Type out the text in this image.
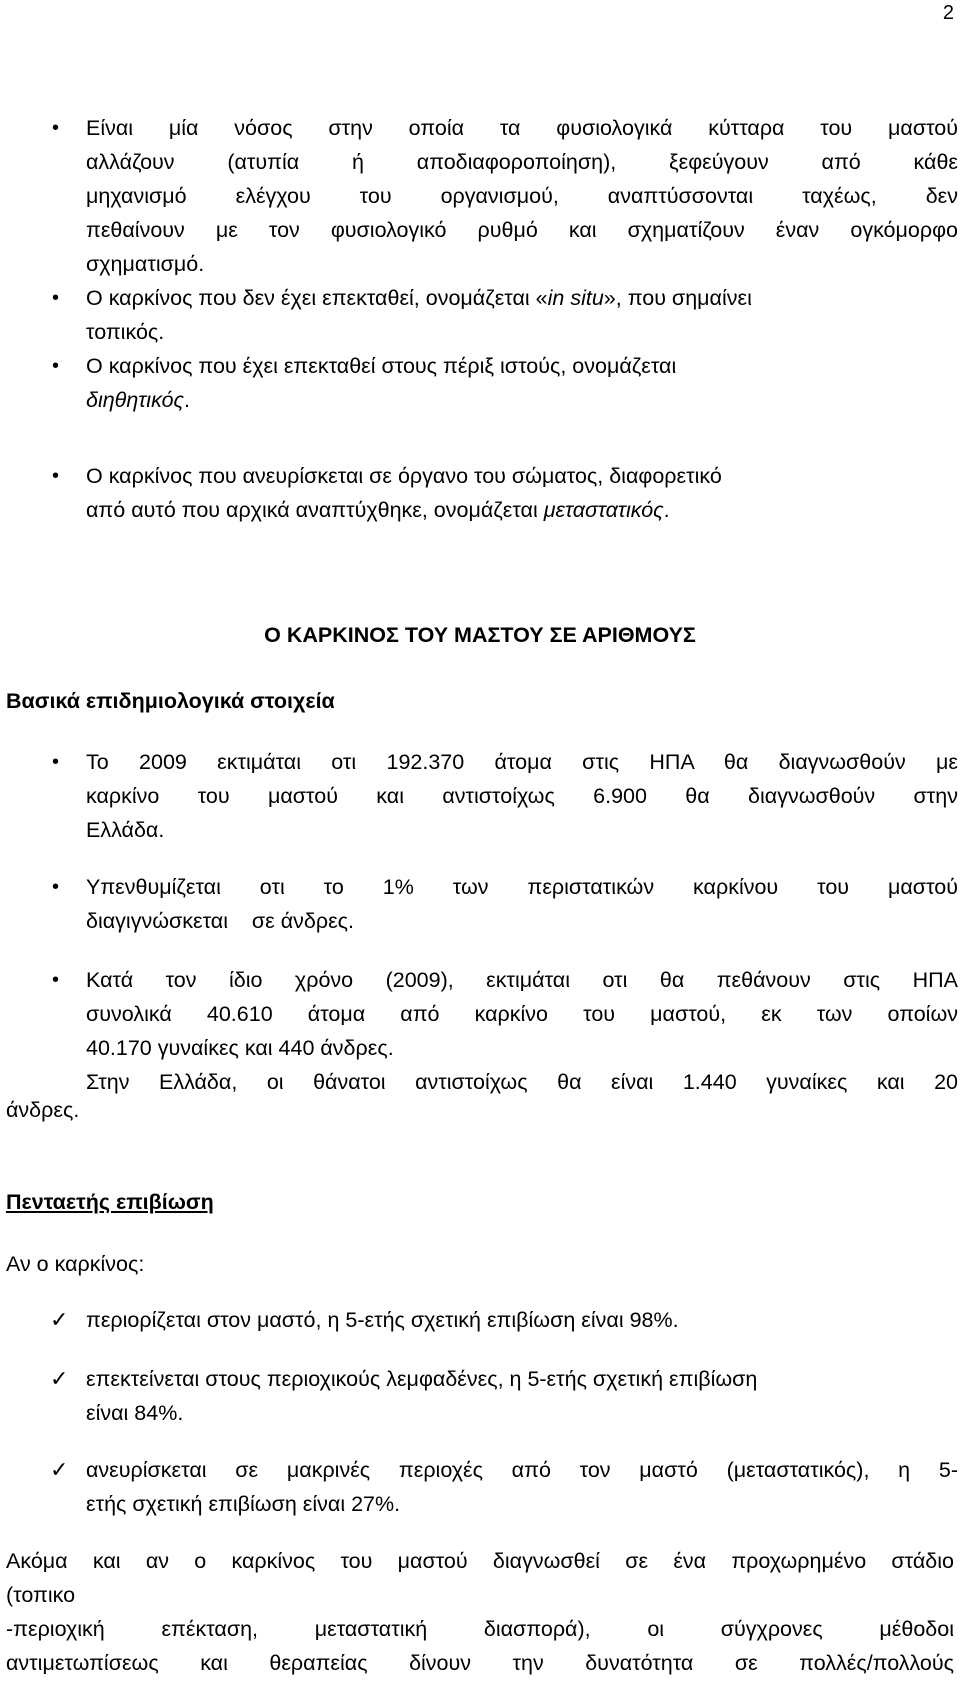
2
• Είναι μία νόσος στην οποία τα φυσιολογικά κύτταρα του μαστού
αλλάζουν (ατυπία ή αποδιαφοροποίηση), ξεφεύγουν από κάθε
μηχανισμό ελέγχου του οργανισμού, αναπτύσσονται ταχέως, δεν
πεθαίνουν με τον φυσιολογικό ρυθμό και σχηματίζουν έναν ογκόμορφο
σχηματισμό.
• Ο καρκίνος που δεν έχει επεκταθεί, ονομάζεται «in situ», που σημαίνει
τοπικός.
• Ο καρκίνος που έχει επεκταθεί στους πέριξ ιστούς, ονομάζεται
διηθητικός.
• Ο καρκίνος που ανευρίσκεται σε όργανο του σώματος, διαφορετικό
από αυτό που αρχικά αναπτύχθηκε, ονομάζεται μεταστατικός.
Ο ΚΑΡΚΙΝΟΣ ΤΟΥ ΜΑΣΤΟΥ ΣΕ ΑΡΙΘΜΟΥΣ
Βασικά επιδημιολογικά στοιχεία
• Το 2009 εκτιμάται οτι 192.370 άτομα στις ΗΠΑ θα διαγνωσθούν με
καρκίνο του μαστού και αντιστοίχως 6.900 θα διαγνωσθούν στην
Ελλάδα.
• Υπενθυμίζεται οτι το 1% των περιστατικών καρκίνου του μαστού
διαγιγνώσκεται    σε άνδρες.
• Κατά τον ίδιο χρόνο (2009), εκτιμάται οτι θα πεθάνουν στις ΗΠΑ
συνολικά 40.610 άτομα από καρκίνο του μαστού, εκ των οποίων
40.170 γυναίκες και 440 άνδρες.
Στην Ελλάδα, οι θάνατοι αντιστοίχως θα είναι 1.440 γυναίκες και 20
άνδρες.
Πενταετής επιβίωση
Αν ο καρκίνος:
✓ περιορίζεται στον μαστό, η 5-ετής σχετική επιβίωση είναι 98%.
✓ επεκτείνεται στους περιοχικούς λεμφαδένες, η 5-ετής σχετική επιβίωση
είναι 84%.
✓ ανευρίσκεται σε μακρινές περιοχές από τον μαστό (μεταστατικός), η 5-
ετής σχετική επιβίωση είναι 27%.
Ακόμα και αν ο καρκίνος του μαστού διαγνωσθεί σε ένα προχωρημένο στάδιο
(τοπικο
-περιοχική επέκταση, μεταστατική διασπορά), οι σύγχρονες μέθοδοι
αντιμετωπίσεως και θεραπείας δίνουν την δυνατότητα σε πολλές/πολλούς
